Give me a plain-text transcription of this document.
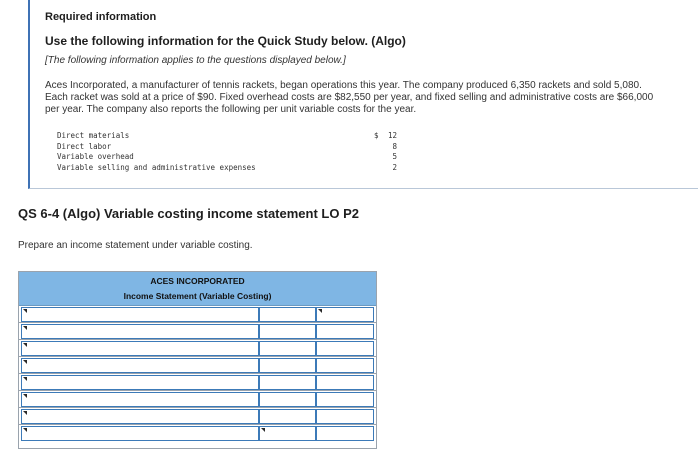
Required information
Use the following information for the Quick Study below. (Algo)
[The following information applies to the questions displayed below.]
Aces Incorporated, a manufacturer of tennis rackets, began operations this year. The company produced 6,350 rackets and sold 5,080. Each racket was sold at a price of $90. Fixed overhead costs are $82,550 per year, and fixed selling and administrative costs are $66,000 per year. The company also reports the following per unit variable costs for the year.
Direct materials	$ 12
Direct labor	8
Variable overhead	5
Variable selling and administrative expenses	2
QS 6-4 (Algo) Variable costing income statement LO P2
Prepare an income statement under variable costing.
ACES INCORPORATED
Income Statement (Variable Costing)
